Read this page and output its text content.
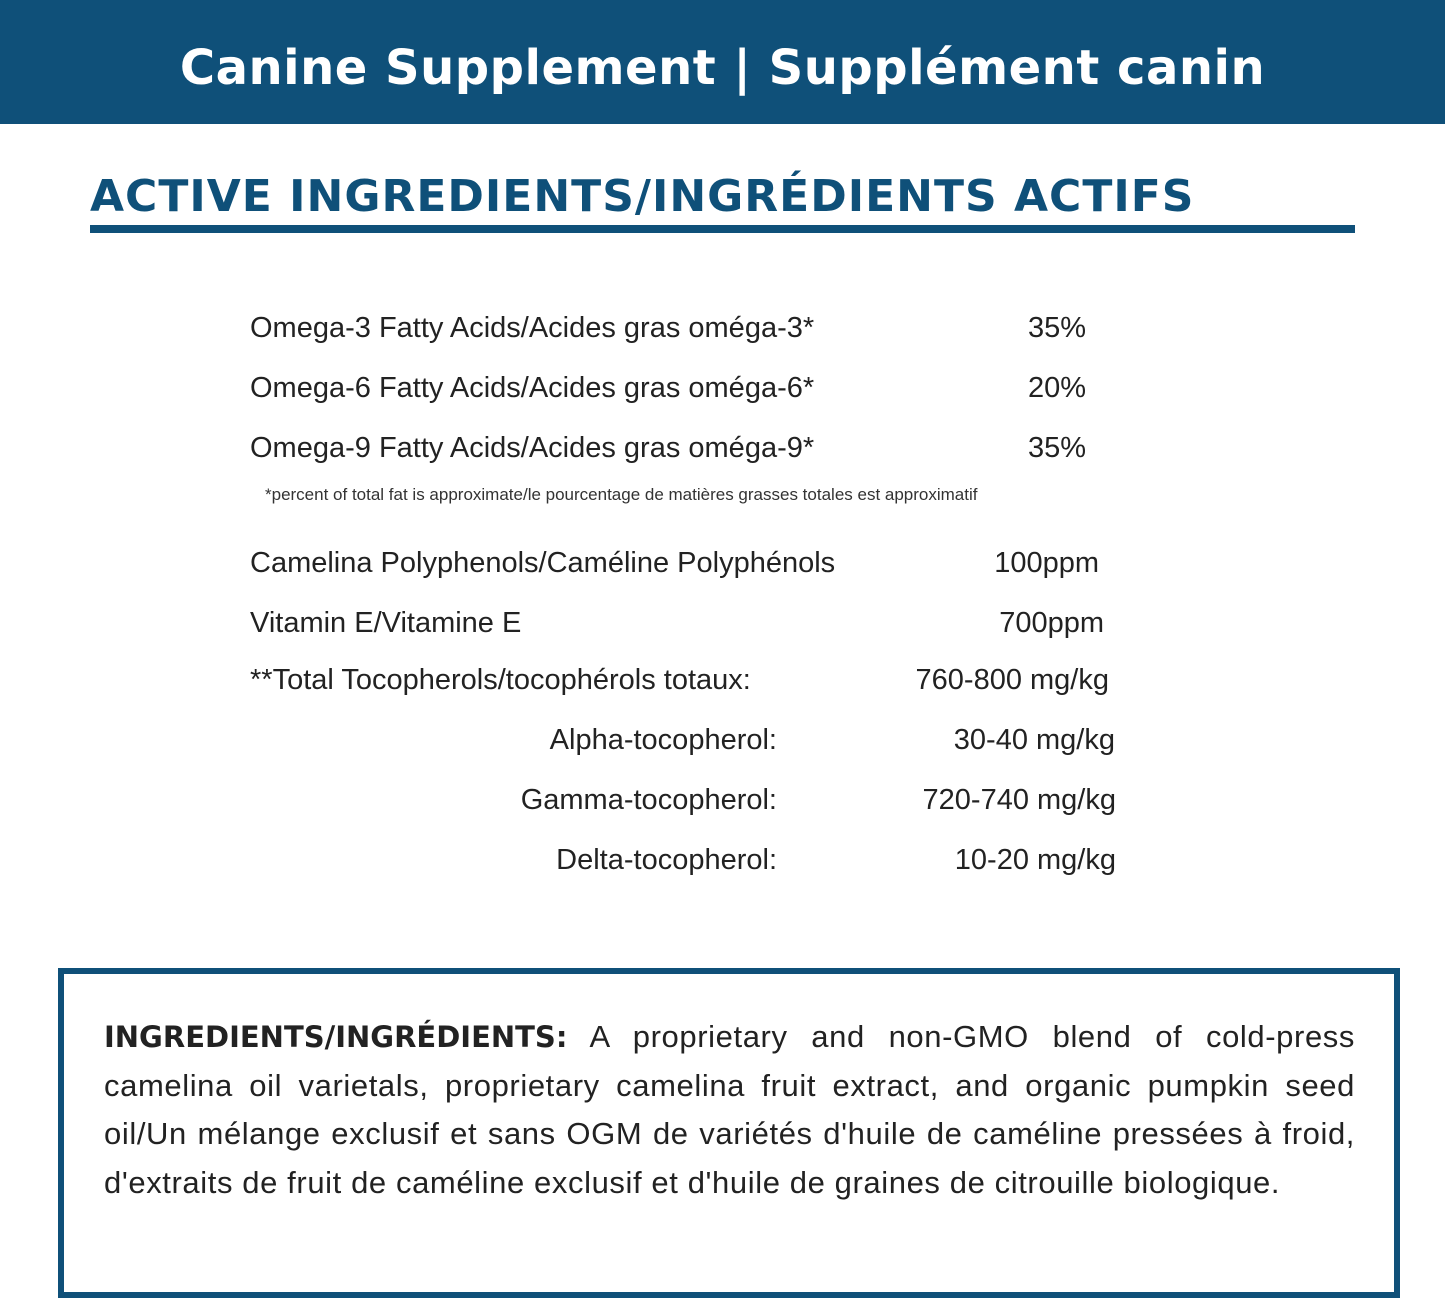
Canine Supplement | Supplément canin
ACTIVE INGREDIENTS/INGRÉDIENTS ACTIFS
Omega-3 Fatty Acids/Acides gras oméga-3*	35%
Omega-6 Fatty Acids/Acides gras oméga-6*	20%
Omega-9 Fatty Acids/Acides gras oméga-9*	35%
*percent of total fat is approximate/le pourcentage de matières grasses totales est approximatif
Camelina Polyphenols/Caméline Polyphénols	100ppm
Vitamin E/Vitamine E	700ppm
**Total Tocopherols/tocophérols totaux:	760-800 mg/kg
Alpha-tocopherol:	30-40 mg/kg
Gamma-tocopherol:	720-740 mg/kg
Delta-tocopherol:	10-20 mg/kg
INGREDIENTS/INGRÉDIENTS: A proprietary and non-GMO blend of cold-press camelina oil varietals, proprietary camelina fruit extract, and organic pumpkin seed oil/Un mélange exclusif et sans OGM de variétés d'huile de caméline pressées à froid, d'extraits de fruit de caméline exclusif et d'huile de graines de citrouille biologique.
